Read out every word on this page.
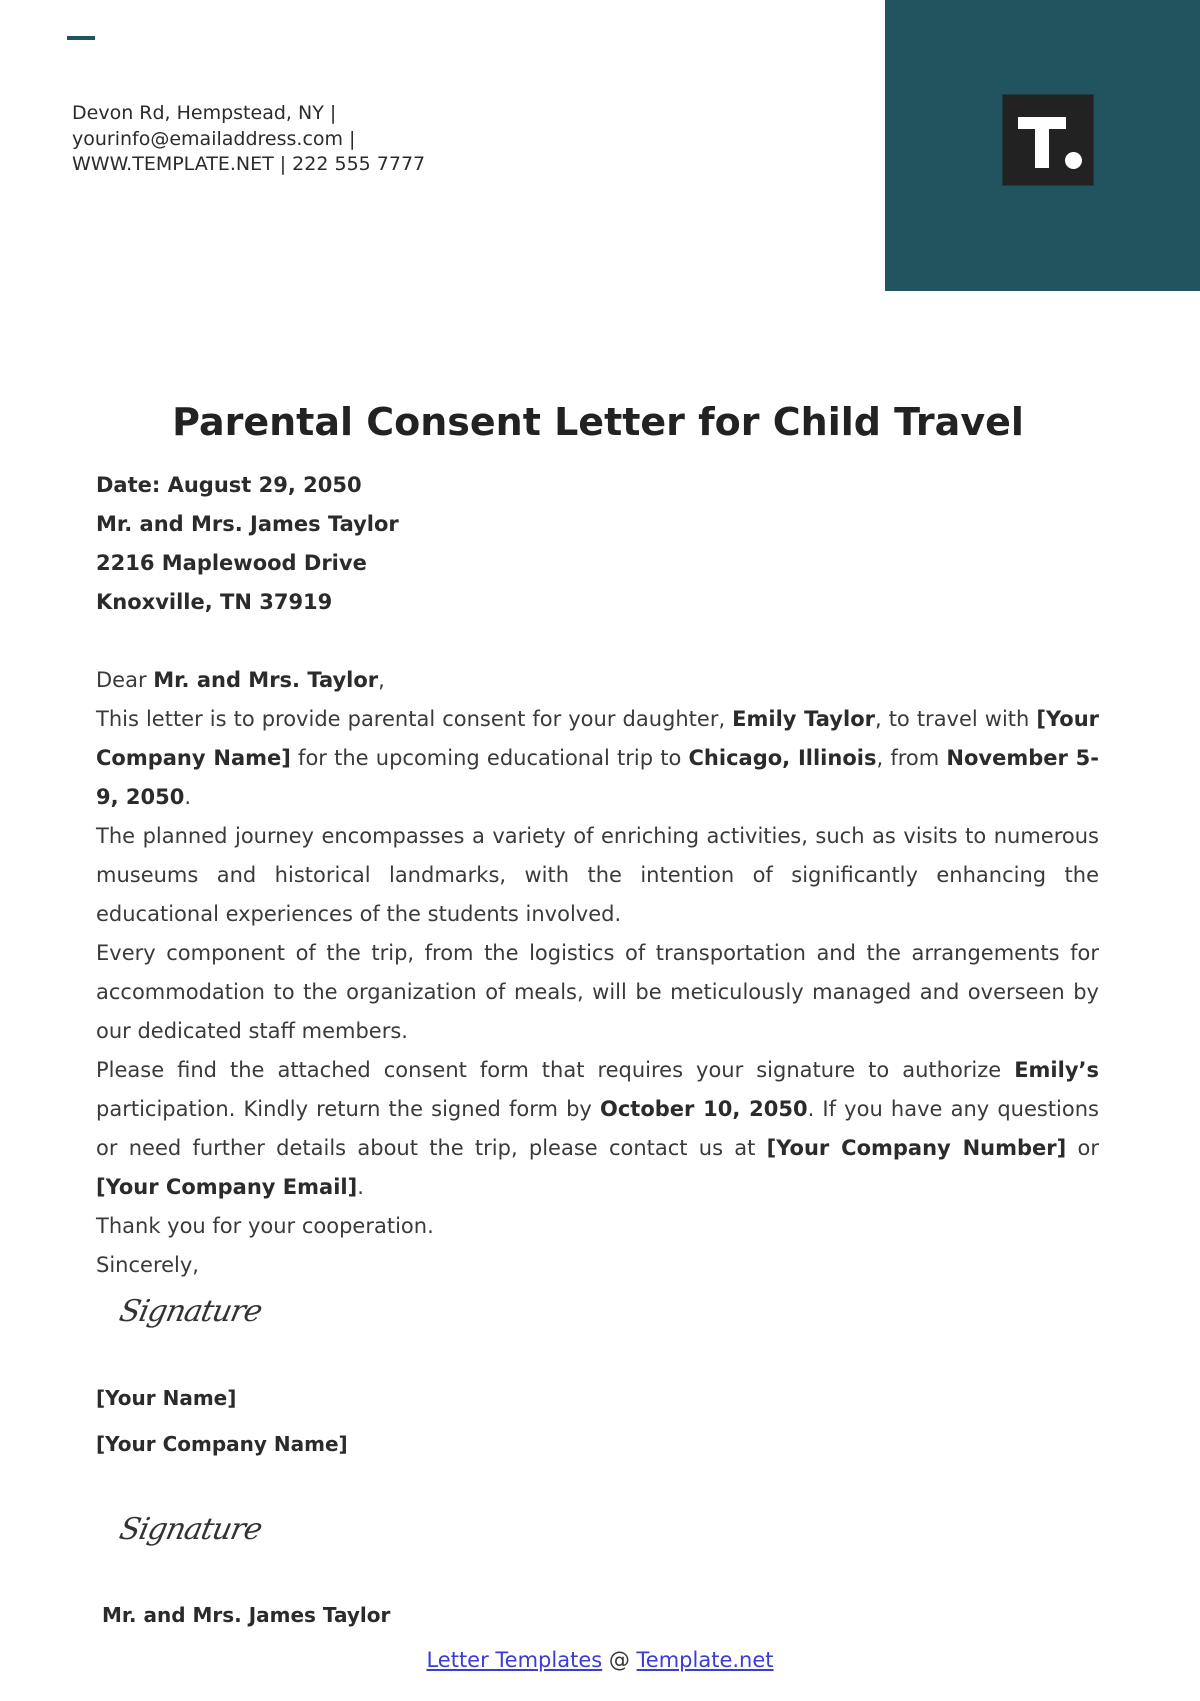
Devon Rd, Hempstead, NY |
yourinfo@emailaddress.com |
WWW.TEMPLATE.NET | 222 555 7777
Parental Consent Letter for Child Travel
Date: August 29, 2050
Mr. and Mrs. James Taylor
2216 Maplewood Drive
Knoxville, TN 37919

Dear Mr. and Mrs. Taylor,

This letter is to provide parental consent for your daughter, Emily Taylor, to travel with [Your Company Name] for the upcoming educational trip to Chicago, Illinois, from November 5-9, 2050.

The planned journey encompasses a variety of enriching activities, such as visits to numerous museums and historical landmarks, with the intention of significantly enhancing the educational experiences of the students involved.

Every component of the trip, from the logistics of transportation and the arrangements for accommodation to the organization of meals, will be meticulously managed and overseen by our dedicated staff members.

Please find the attached consent form that requires your signature to authorize Emily’s participation. Kindly return the signed form by October 10, 2050. If you have any questions or need further details about the trip, please contact us at [Your Company Number] or [Your Company Email].

Thank you for your cooperation.
Sincerely,
Signature
[Your Name]
[Your Company Name]
Signature
Mr. and Mrs. James Taylor
Letter Templates @ Template.net
